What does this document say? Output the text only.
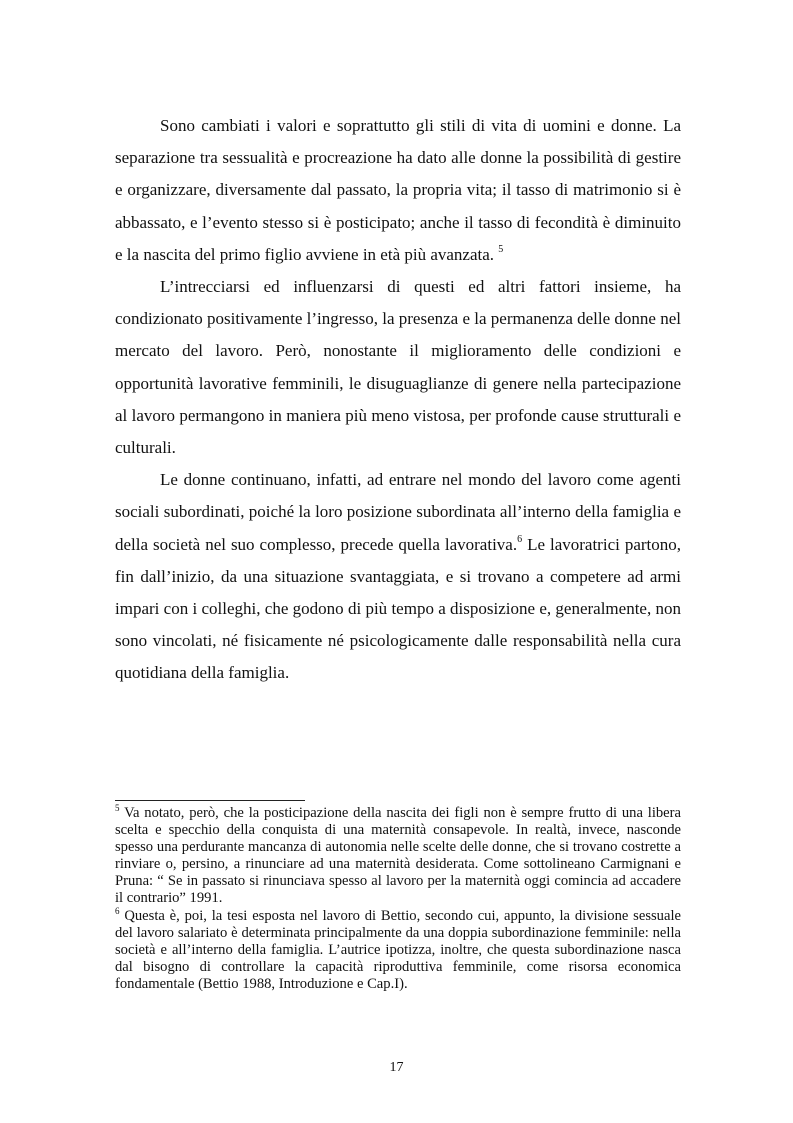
Sono cambiati i valori e soprattutto gli stili di vita di uomini e donne. La separazione tra sessualità e procreazione ha dato alle donne la possibilità di gestire e organizzare, diversamente dal passato, la propria vita; il tasso di matrimonio si è abbassato, e l’evento stesso si è posticipato; anche il tasso di fecondità è diminuito e la nascita del primo figlio avviene in età più avanzata. $^5$

L’intrecciarsi ed influenzarsi di questi ed altri fattori insieme, ha condizionato positivamente l’ingresso, la presenza e la permanenza delle donne nel mercato del lavoro. Però, nonostante il miglioramento delle condizioni e opportunità lavorative femminili, le disuguaglianze di genere nella partecipazione al lavoro permangono in maniera più meno vistosa, per profonde cause strutturali e culturali.

Le donne continuano, infatti, ad entrare nel mondo del lavoro come agenti sociali subordinati, poiché la loro posizione subordinata all’interno della famiglia e della società nel suo complesso, precede quella lavorativa.$^6$ Le lavoratrici partono, fin dall’inizio, da una situazione svantaggiata, e si trovano a competere ad armi impari con i colleghi, che godono di più tempo a disposizione e, generalmente, non sono vincolati, né fisicamente né psicologicamente dalle responsabilità nella cura quotidiana della famiglia.

$^5$ Va notato, però, che la posticipazione della nascita dei figli non è sempre frutto di una libera scelta e specchio della conquista di una maternità consapevole. In realtà, invece, nasconde spesso una perdurante mancanza di autonomia nelle scelte delle donne, che si trovano costrette a rinviare o, persino, a rinunciare ad una maternità desiderata. Come sottolineano Carmignani e Pruna: “ Se in passato si rinunciava spesso al lavoro per la maternità oggi comincia ad accadere il contrario” 1991.

$^6$ Questa è, poi, la tesi esposta nel lavoro di Bettio, secondo cui, appunto, la divisione sessuale del lavoro salariato è determinata principalmente da una doppia subordinazione femminile: nella società e all’interno della famiglia. L’autrice ipotizza, inoltre, che questa subordinazione nasca dal bisogno di controllare la capacità riproduttiva femminile, come risorsa economica fondamentale (Bettio 1988, Introduzione e Cap.I).

17
